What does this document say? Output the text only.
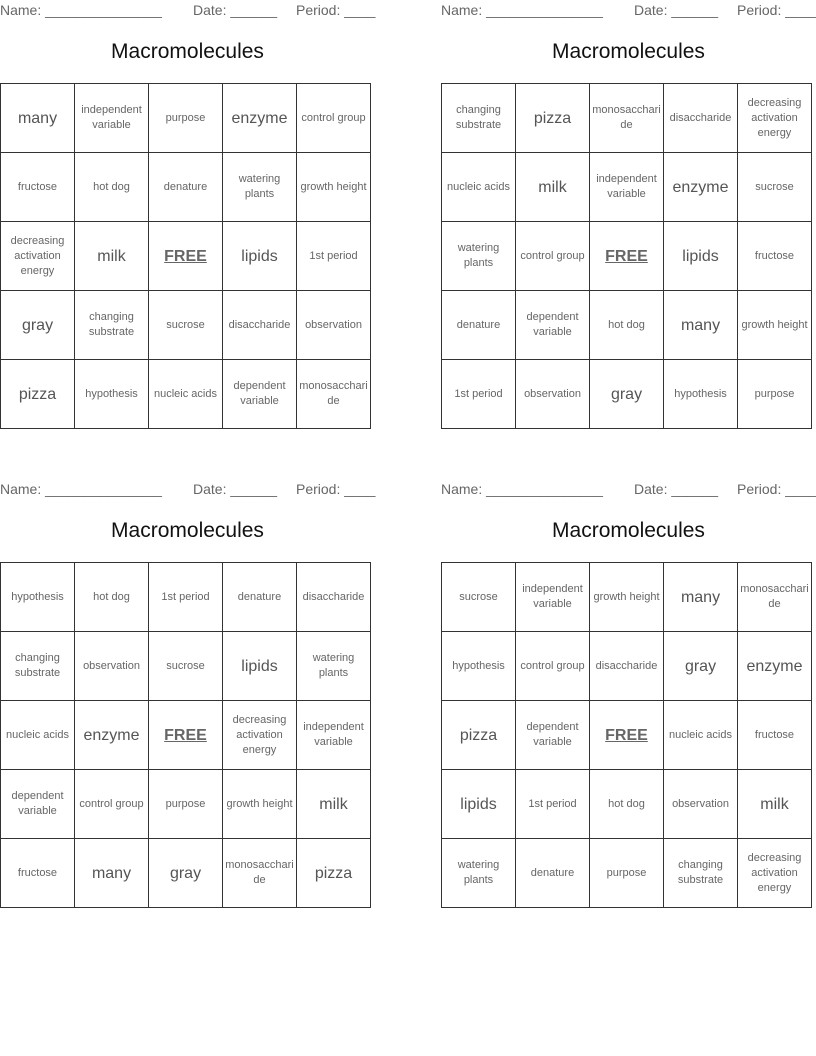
Name: _______________ Date: ______ Period: ____
Macromolecules
many	independent variable	purpose	enzyme	control group
fructose	hot dog	denature	watering plants	growth height
decreasing activation energy	milk	FREE	lipids	1st period
gray	changing substrate	sucrose	disaccharide	observation
pizza	hypothesis	nucleic acids	dependent variable	monosacchari de
Name: _______________ Date: ______ Period: ____
Macromolecules
changing substrate	pizza	monosacchari de	disaccharide	decreasing activation energy
nucleic acids	milk	independent variable	enzyme	sucrose
watering plants	control group	FREE	lipids	fructose
denature	dependent variable	hot dog	many	growth height
1st period	observation	gray	hypothesis	purpose
Name: _______________ Date: ______ Period: ____
Macromolecules
hypothesis	hot dog	1st period	denature	disaccharide
changing substrate	observation	sucrose	lipids	watering plants
nucleic acids	enzyme	FREE	decreasing activation energy	independent variable
dependent variable	control group	purpose	growth height	milk
fructose	many	gray	monosacchari de	pizza
Name: _______________ Date: ______ Period: ____
Macromolecules
sucrose	independent variable	growth height	many	monosacchari de
hypothesis	control group	disaccharide	gray	enzyme
pizza	dependent variable	FREE	nucleic acids	fructose
lipids	1st period	hot dog	observation	milk
watering plants	denature	purpose	changing substrate	decreasing activation energy
